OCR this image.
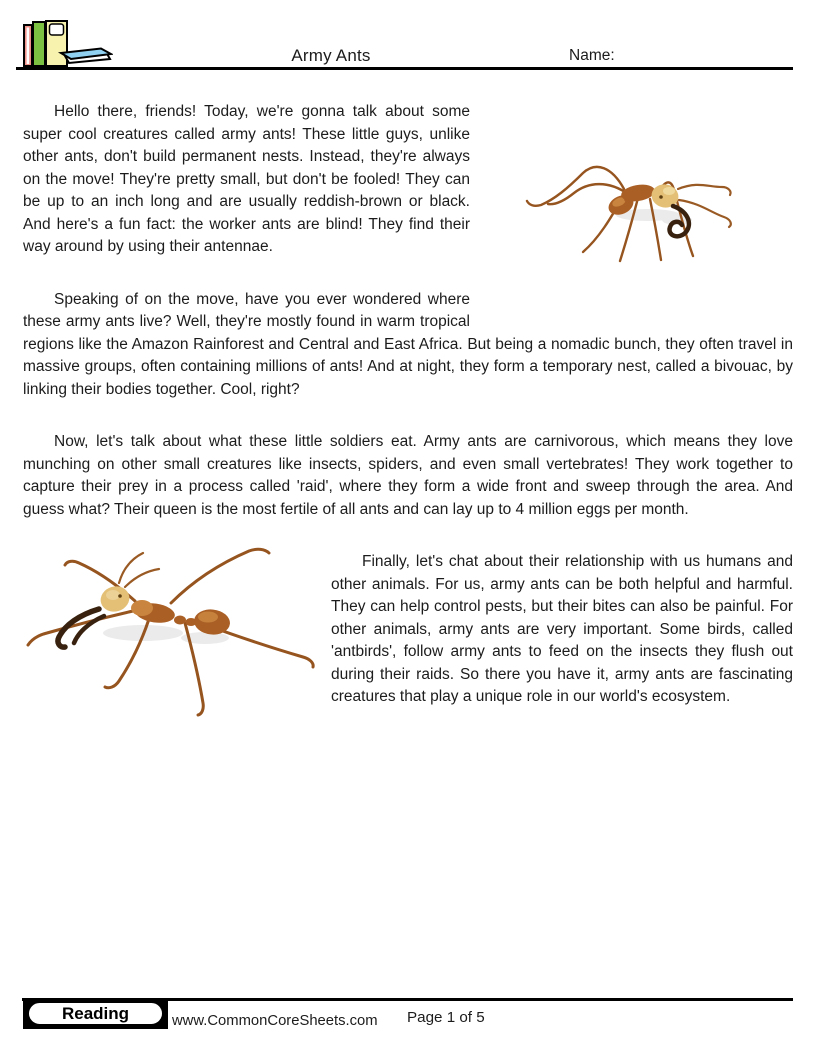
Army Ants	Name:

Hello there, friends! Today, we're gonna talk about some super cool creatures called army ants! These little guys, unlike other ants, don't build permanent nests. Instead, they're always on the move! They're pretty small, but don't be fooled! They can be up to an inch long and are usually reddish-brown or black. And here's a fun fact: the worker ants are blind! They find their way around by using their antennae.

Speaking of on the move, have you ever wondered where these army ants live? Well, they're mostly found in warm tropical regions like the Amazon Rainforest and Central and East Africa. But being a nomadic bunch, they often travel in massive groups, often containing millions of ants! And at night, they form a temporary nest, called a bivouac, by linking their bodies together. Cool, right?

Now, let's talk about what these little soldiers eat. Army ants are carnivorous, which means they love munching on other small creatures like insects, spiders, and even small vertebrates! They work together to capture their prey in a process called 'raid', where they form a wide front and sweep through the area. And guess what? Their queen is the most fertile of all ants and can lay up to 4 million eggs per month.

Finally, let's chat about their relationship with us humans and other animals. For us, army ants can be both helpful and harmful. They can help control pests, but their bites can also be painful. For other animals, army ants are very important. Some birds, called 'antbirds', follow army ants to feed on the insects they flush out during their raids. So there you have it, army ants are fascinating creatures that play a unique role in our world's ecosystem.

Reading	www.CommonCoreSheets.com Page 1 of 5
